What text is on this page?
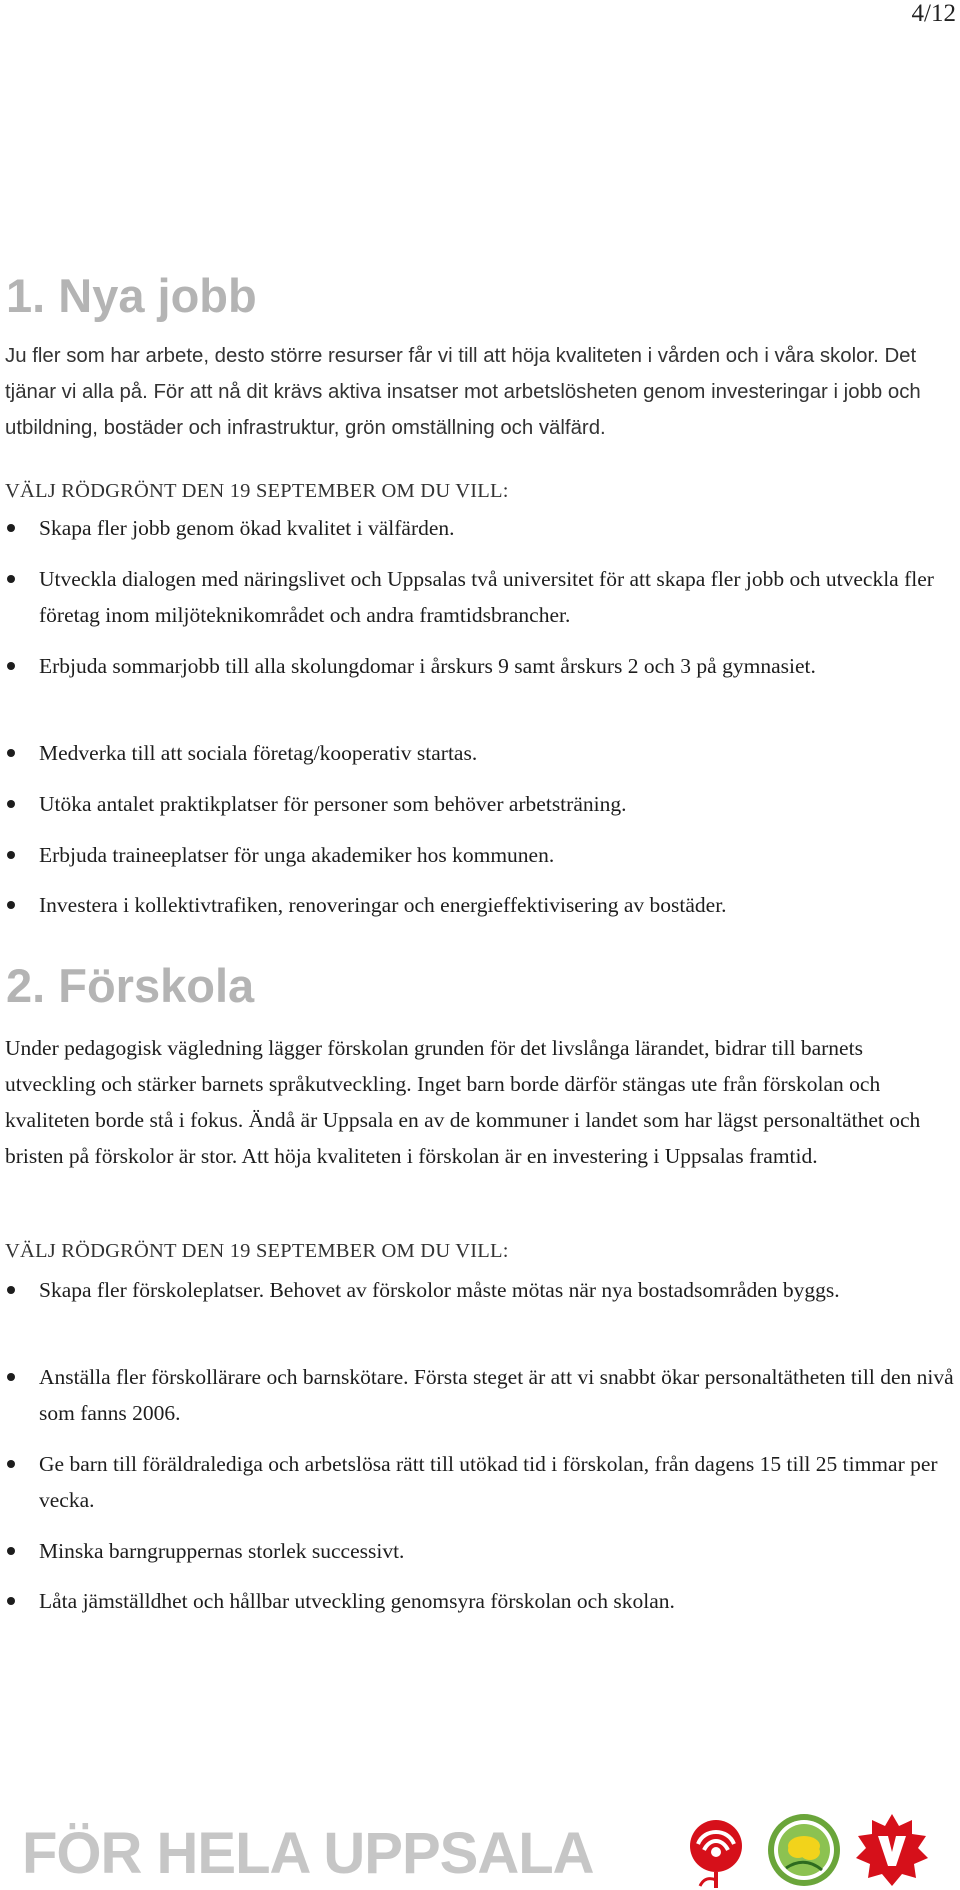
4/12
1. Nya jobb

Ju fler som har arbete, desto större resurser får vi till att höja kvaliteten i vården och i våra skolor. Det tjänar vi alla på. För att nå dit krävs aktiva insatser mot arbetslösheten genom investeringar i jobb och utbildning, bostäder och infrastruktur, grön omställning och välfärd.

VÄLJ RÖDGRÖNT DEN 19 SEPTEMBER OM DU VILL:

Skapa fler jobb genom ökad kvalitet i välfärden.
Utveckla dialogen med näringslivet och Uppsalas två universitet för att skapa fler jobb och utveckla fler företag inom miljöteknikområdet och andra framtidsbrancher.
Erbjuda sommarjobb till alla skolungdomar i årskurs 9 samt årskurs 2 och 3 på gymnasiet.
Medverka till att sociala företag/kooperativ startas.
Utöka antalet praktikplatser för personer som behöver arbetsträning.
Erbjuda traineeplatser för unga akademiker hos kommunen.
Investera i kollektivtrafiken, renoveringar och energieffektivisering av bostäder.
2. Förskola

Under pedagogisk vägledning lägger förskolan grunden för det livslånga lärandet, bidrar till barnets utveckling och stärker barnets språkutveckling. Inget barn borde därför stängas ute från förskolan och kvaliteten borde stå i fokus. Ändå är Uppsala en av de kommuner i landet som har lägst personaltäthet och bristen på förskolor är stor. Att höja kvaliteten i förskolan är en investering i Uppsalas framtid.

VÄLJ RÖDGRÖNT DEN 19 SEPTEMBER OM DU VILL:

Skapa fler förskoleplatser. Behovet av förskolor måste mötas när nya bostadsområden byggs.
Anställa fler förskollärare och barnskötare. Första steget är att vi snabbt ökar personaltätheten till den nivå som fanns 2006.
Ge barn till föräldralediga och arbetslösa rätt till utökad tid i förskolan, från dagens 15 till 25 timmar per vecka.
Minska barngruppernas storlek successivt.
Låta jämställdhet och hållbar utveckling genomsyra förskolan och skolan.
FÖR HELA UPPSALA
